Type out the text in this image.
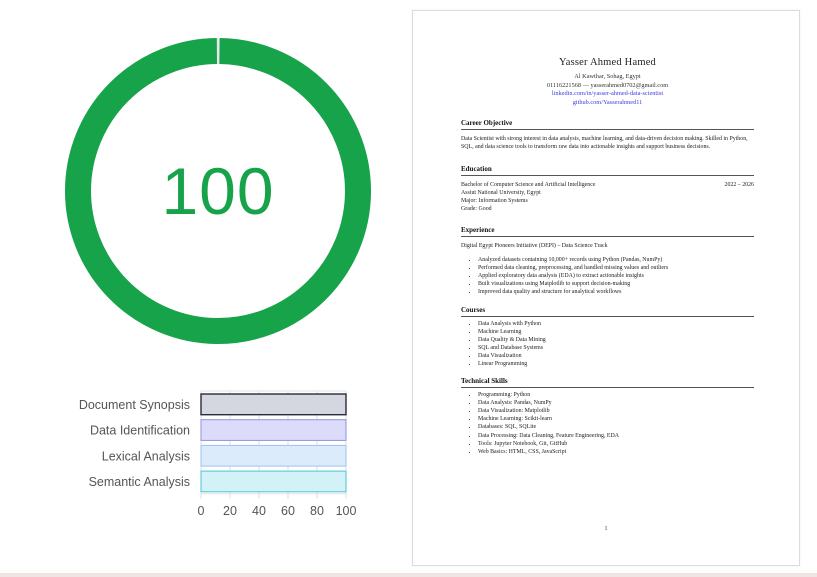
100
Document Synopsis
Data Identification
Lexical Analysis
Semantic Analysis
0 20 40 60 80 100
Yasser Ahmed Hamed
Al Kawthar, Sohag, Egypt
01116221568 — yasserahmed0702@gmail.com
linkedin.com/in/yasser-ahmed-data-scientist
github.com/Yasserahmed11
Career Objective
Data Scientist with strong interest in data analysis, machine learning, and data-driven decision making. Skilled in Python, SQL, and data science tools to transform raw data into actionable insights and support business decisions.
Education
Bachelor of Computer Science and Artificial Intelligence	2022 – 2026
Assiut National University, Egypt
Major: Information Systems
Grade: Good
Experience
Digital Egypt Pioneers Initiative (DEPI) – Data Science Track
• Analyzed datasets containing 10,000+ records using Python (Pandas, NumPy)
• Performed data cleaning, preprocessing, and handled missing values and outliers
• Applied exploratory data analysis (EDA) to extract actionable insights
• Built visualizations using Matplotlib to support decision-making
• Improved data quality and structure for analytical workflows
Courses
• Data Analysis with Python
• Machine Learning
• Data Quality & Data Mining
• SQL and Database Systems
• Data Visualization
• Linear Programming
Technical Skills
• Programming: Python
• Data Analysis: Pandas, NumPy
• Data Visualization: Matplotlib
• Machine Learning: Scikit-learn
• Databases: SQL, SQLite
• Data Processing: Data Cleaning, Feature Engineering, EDA
• Tools: Jupyter Notebook, Git, GitHub
• Web Basics: HTML, CSS, JavaScript
1
